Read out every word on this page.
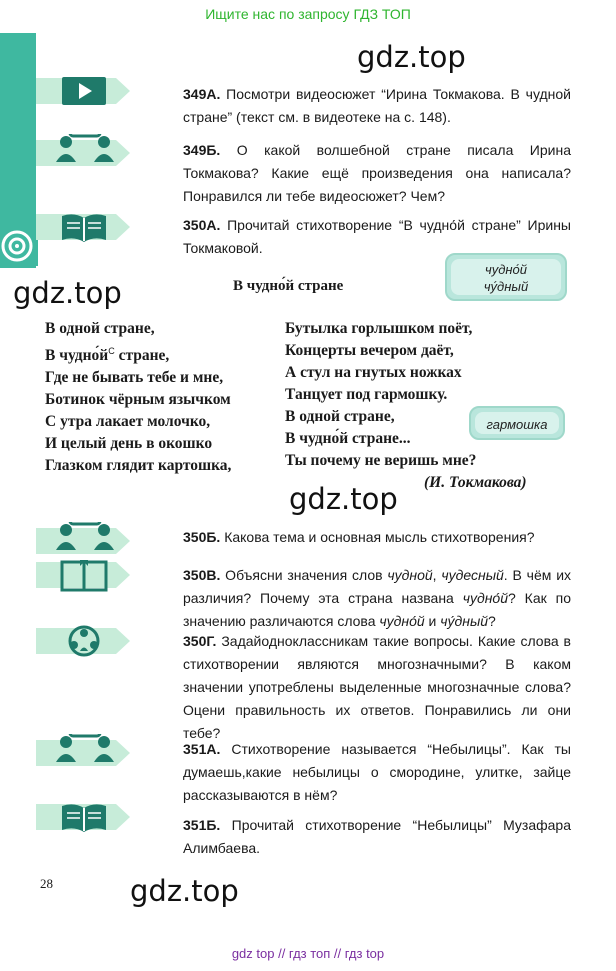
Ищите нас по запросу ГДЗ ТОП
gdz.top
gdz.top
gdz.top
gdz.top

349А. Посмотри видеосюжет “Ирина Токмакова. В чудной стране” (текст см. в видеотеке на с. 148).

349Б. О какой волшебной стране писала Ирина Токмакова? Какие ещё произведения она написала?Понравился ли тебе видеосюжет? Чем?

350А. Прочитай стихотворение “В чудно́й стране” Ирины Токмаковой.

В чудно́й стране
В одной стране,
В $чудно́й^С$ стране,
Где не бывать тебе и мне,
Ботинок чёрным язычком
С утра лакает молочко,
И целый день в окошко
Глазком глядит картошка,
Бутылка горлышком поёт,
Концерты вечером даёт,
А стул на гнутых ножках
Танцует под гармошку.
В одной стране,
В чудно́й стране...
Ты почему не веришь мне?
(И. Токмакова)
чудно́й
чу́дный
гармошка

350Б. Какова тема и основная мысль стихотворения?

350В. Объясни значения слов чудной, чудесный. В чём их различия? Почему эта страна названа чудно́й? Как по значению различаются слова чудно́й и чу́дный?

350Г. Задайодноклассникам такие вопросы. Какие слова в стихотворении являются многозначными? В каком значении употреблены выделенные многозначные слова? Оцени правильность их ответов. Понравились ли они тебе?

351А. Стихотворение называется “Небылицы”. Как ты думаешь,какие небылицы о смородине, улитке, зайце рассказываются в нём?

351Б. Прочитай стихотворение “Небылицы” Музафара Алимбаева.

28
gdz top // гдз топ // гдз top
